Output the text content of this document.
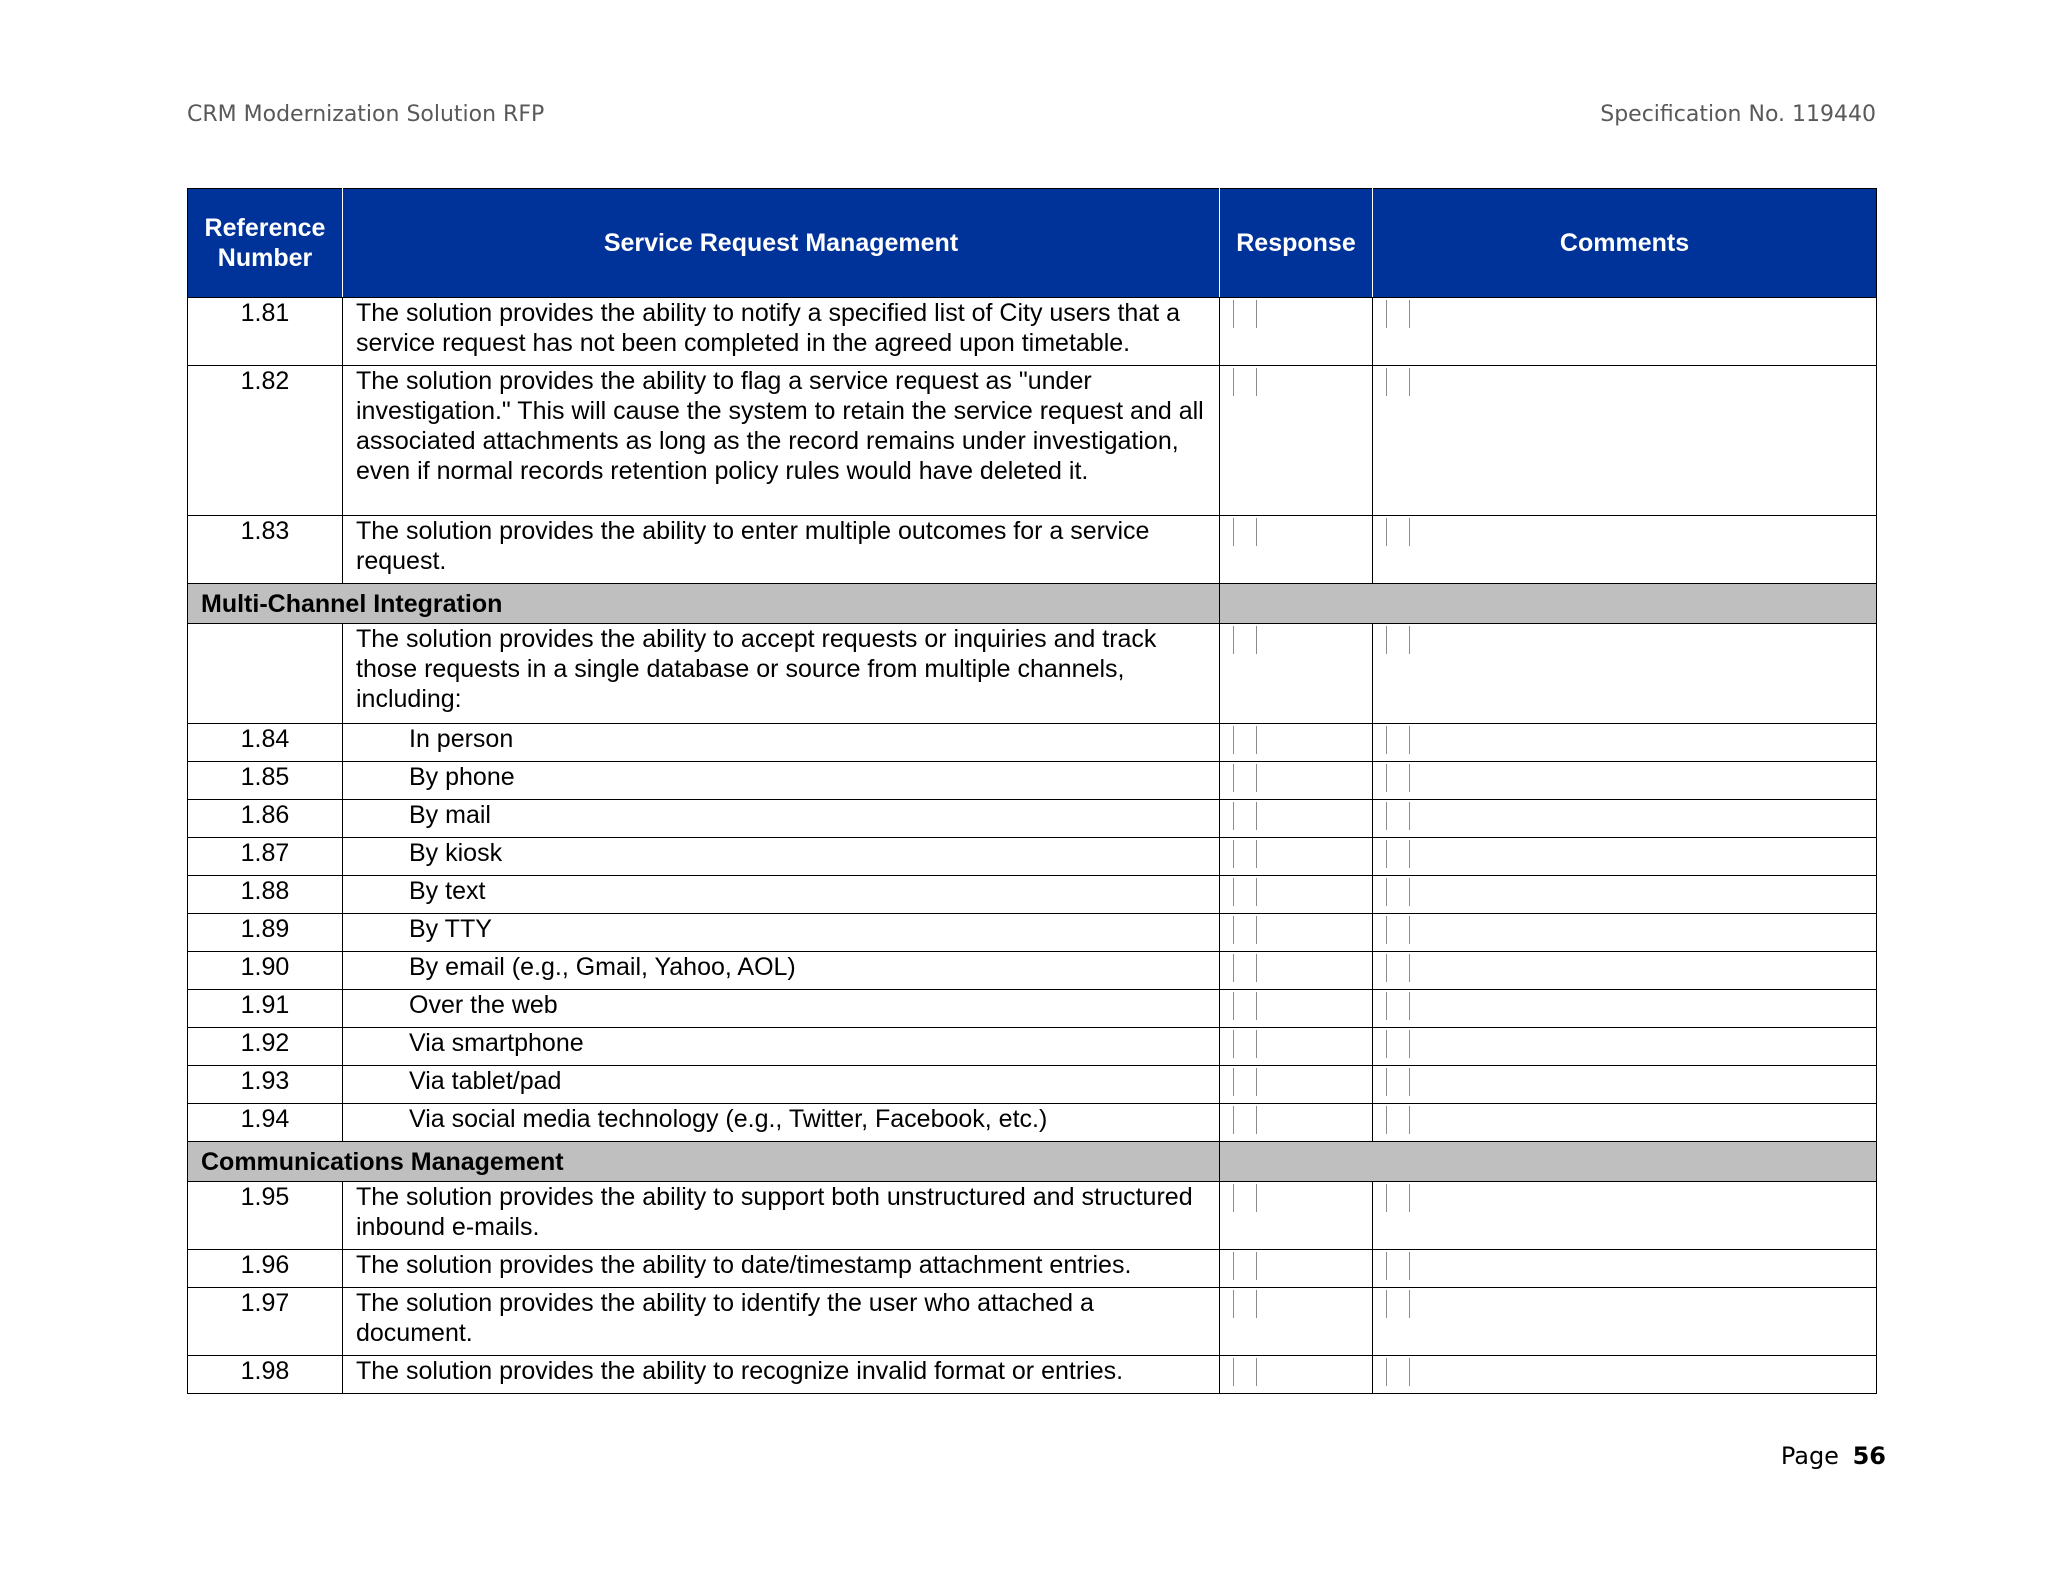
CRM Modernization Solution RFP	Specification No. 119440
Reference Number	Service Request Management	Response	Comments
1.81	The solution provides the ability to notify a specified list of City users that a service request has not been completed in the agreed upon timetable.		
1.82	The solution provides the ability to flag a service request as "under investigation." This will cause the system to retain the service request and all associated attachments as long as the record remains under investigation, even if normal records retention policy rules would have deleted it.		
1.83	The solution provides the ability to enter multiple outcomes for a service request.		
Multi-Channel Integration			
	The solution provides the ability to accept requests or inquiries and track those requests in a single database or source from multiple channels, including:		
1.84	In person		
1.85	By phone		
1.86	By mail		
1.87	By kiosk		
1.88	By text		
1.89	By TTY		
1.90	By email (e.g., Gmail, Yahoo, AOL)		
1.91	Over the web		
1.92	Via smartphone		
1.93	Via tablet/pad		
1.94	Via social media technology (e.g., Twitter, Facebook, etc.)		
Communications Management			
1.95	The solution provides the ability to support both unstructured and structured inbound e-mails.		
1.96	The solution provides the ability to date/timestamp attachment entries.		
1.97	The solution provides the ability to identify the user who attached a document.		
1.98	The solution provides the ability to recognize invalid format or entries.		
Page 56
